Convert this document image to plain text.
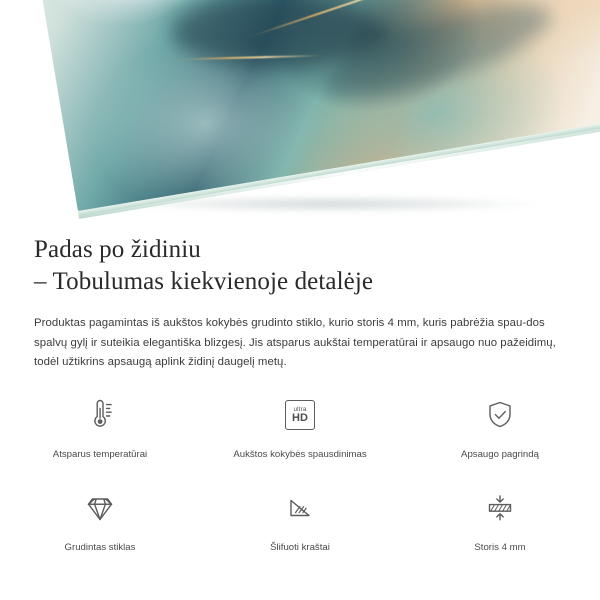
Padas po židiniu
– Tobulumas kiekvienoje detalėje

Produktas pagamintas iš aukštos kokybės grudinto stiklo, kurio storis 4 mm, kuris pabrėžia spau-dos spalvų gylį ir suteikia elegantiška blizgesį. Jis atsparus aukštai temperatūrai ir apsaugo nuo pažeidimų, todėl užtikrins apsaugą aplink židinį daugelį metų.

Atsparus temperatūrai
ultra
HD
Aukštos kokybės spausdinimas	Apsaugo pagrindą
Grudintas stiklas	Šlifuoti kraštai	Storis 4 mm
